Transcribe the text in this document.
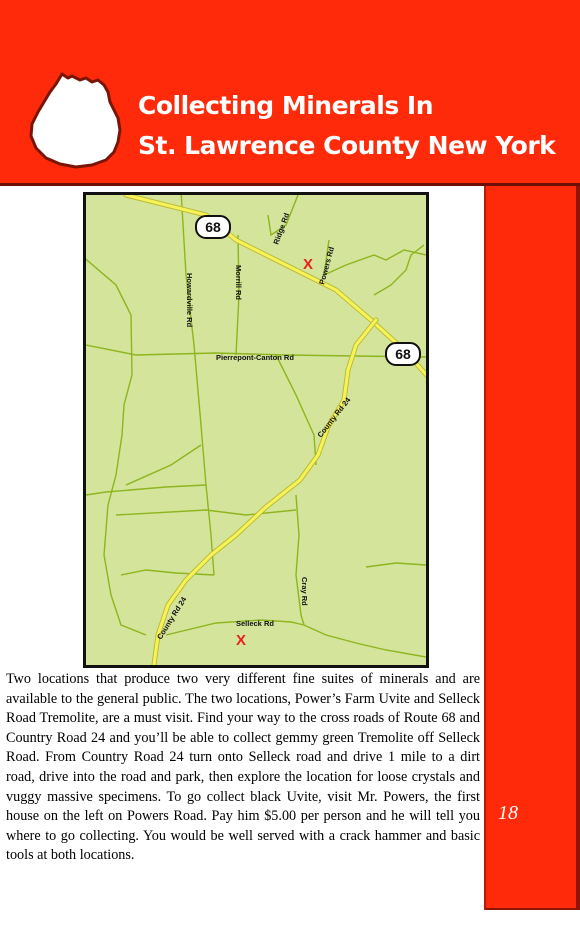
Collecting Minerals In
St. Lawrence County New York
18
68
68
Ridge Rd
Powers Rd
Morrill Rd
Howardville Rd
Pierrepont-Canton Rd
County Rd 24
County Rd 24
Cray Rd
Selleck Rd
X
X
Two locations that produce two very different fine suites of minerals and are available to the general public. The two locations, Power’s Farm Uvite and Selleck Road Tremolite, are a must visit. Find your way to the cross roads of Route 68 and Country Road 24 and you’ll be able to collect gemmy green Tremolite off Selleck Road. From Country Road 24 turn onto Selleck road and drive 1 mile to a dirt road, drive into the road and park, then explore the location for loose crystals and vuggy massive specimens. To go collect black Uvite, visit Mr. Powers, the first house on the left on Powers Road. Pay him $5.00 per person and he will tell you where to go collecting. You would be well served with a crack hammer and basic tools at both locations.
